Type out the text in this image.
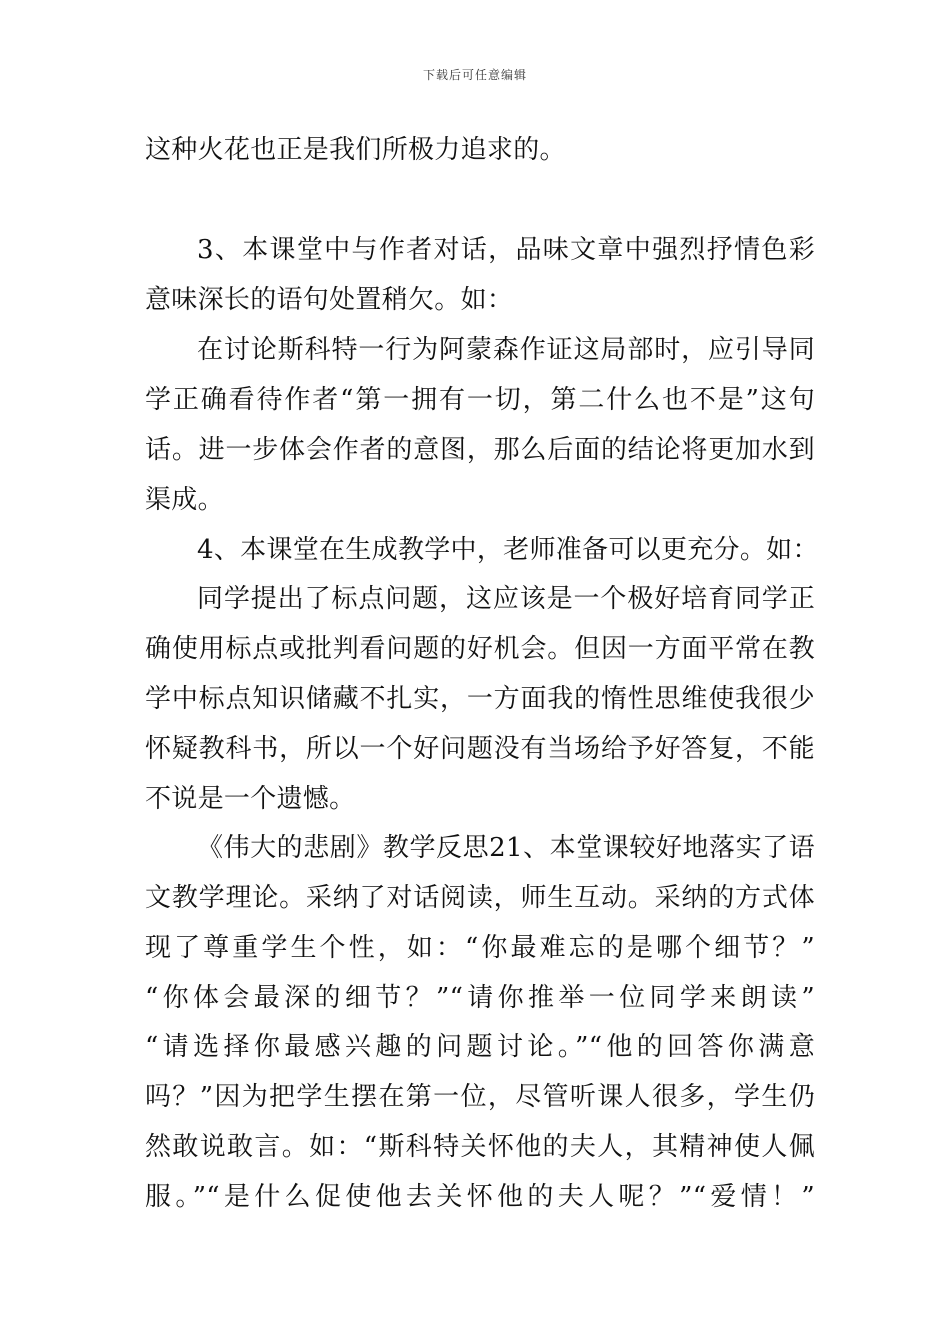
下载后可任意编辑
这种火花也正是我们所极力追求的。
3、本课堂中与作者对话，品味文章中强烈抒情色彩
意味深长的语句处置稍欠。如：
在讨论斯科特一行为阿蒙森作证这局部时，应引导同
学正确看待作者“第一拥有一切，第二什么也不是”这句
话。进一步体会作者的意图，那么后面的结论将更加水到
渠成。
4、本课堂在生成教学中，老师准备可以更充分。如：
同学提出了标点问题，这应该是一个极好培育同学正
确使用标点或批判看问题的好机会。但因一方面平常在教
学中标点知识储藏不扎实，一方面我的惰性思维使我很少
怀疑教科书，所以一个好问题没有当场给予好答复，不能
不说是一个遗憾。
《伟大的悲剧》教学反思21、本堂课较好地落实了语
文教学理论。采纳了对话阅读，师生互动。采纳的方式体
现了尊重学生个性，如：“你最难忘的是哪个细节？”
“你体会最深的细节？”“请你推举一位同学来朗读”
“请选择你最感兴趣的问题讨论。”“他的回答你满意
吗？”因为把学生摆在第一位，尽管听课人很多，学生仍
然敢说敢言。如：“斯科特关怀他的夫人，其精神使人佩
服。”“是什么促使他去关怀他的夫人呢？”“爱情！”
